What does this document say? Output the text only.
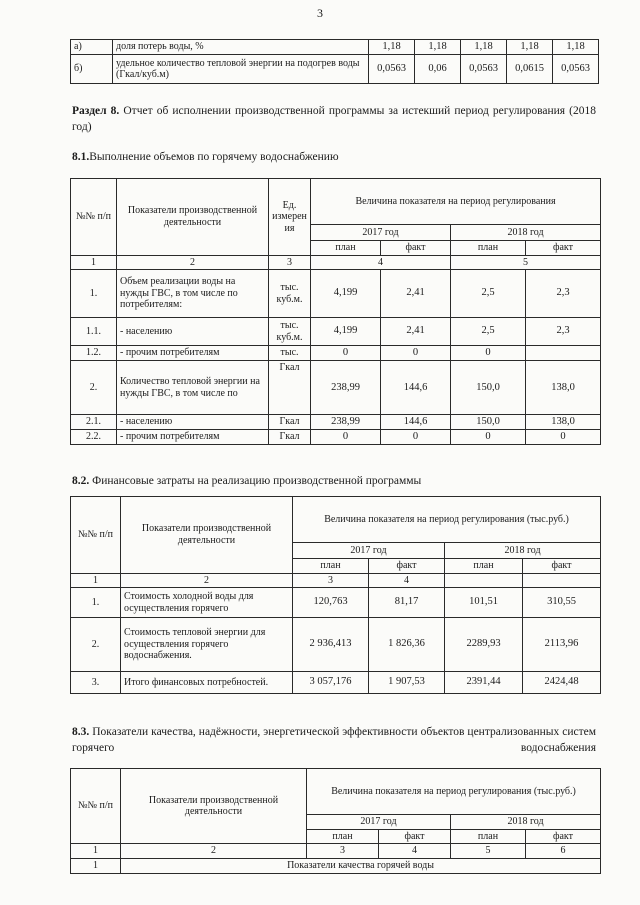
3
а)	доля потерь воды, %	1,18	1,18	1,18	1,18	1,18
б)	удельное количество тепловой энергии на подогрев воды (Гкал/куб.м)	0,0563	0,06	0,0563	0,0615	0,0563
Раздел 8. Отчет об исполнении производственной программы за истекший период регулирования (2018 год)
8.1.Выполнение объемов по горячему водоснабжению
№№ п/п	Показатели производственной деятельности	Ед. измерен ия	Величина показателя на период регулирования			
			2017 год		2018 год	
			план	факт	план	факт
1	2	3	4		5	
1.	Объем реализации воды на нужды ГВС, в том числе по потребителям:	тыс. куб.м.	4,199	2,41	2,5	2,3
1.1.	- населению	тыс. куб.м.	4,199	2,41	2,5	2,3
1.2.	- прочим потребителям	тыс.	0	0	0	
2.	Количество тепловой энергии на нужды ГВС, в том числе по	Гкал	238,99	144,6	150,0	138,0
2.1.	- населению	Гкал	238,99	144,6	150,0	138,0
2.2.	- прочим потребителям	Гкал	0	0	0	0
8.2. Финансовые затраты на реализацию производственной программы
№№ п/п	Показатели производственной деятельности	Величина показателя на период регулирования (тыс.руб.)			
		2017 год		2018 год	
		план	факт	план	факт
1	2	3	4		
1.	Стоимость холодной воды для осуществления горячего	120,763	81,17	101,51	310,55
2.	Стоимость тепловой энергии для осуществления горячего водоснабжения.	2 936,413	1 826,36	2289,93	2113,96
3.	Итого финансовых потребностей.	3 057,176	1 907,53	2391,44	2424,48
8.3. Показатели качества, надёжности, энергетической эффективности объектов централизованных систем горячего водоснабжения
№№ п/п	Показатели производственной деятельности	Величина показателя на период регулирования (тыс.руб.)			
		2017 год		2018 год	
		план	факт	план	факт
1	2	3	4	5	6
1	Показатели качества горячей воды				
